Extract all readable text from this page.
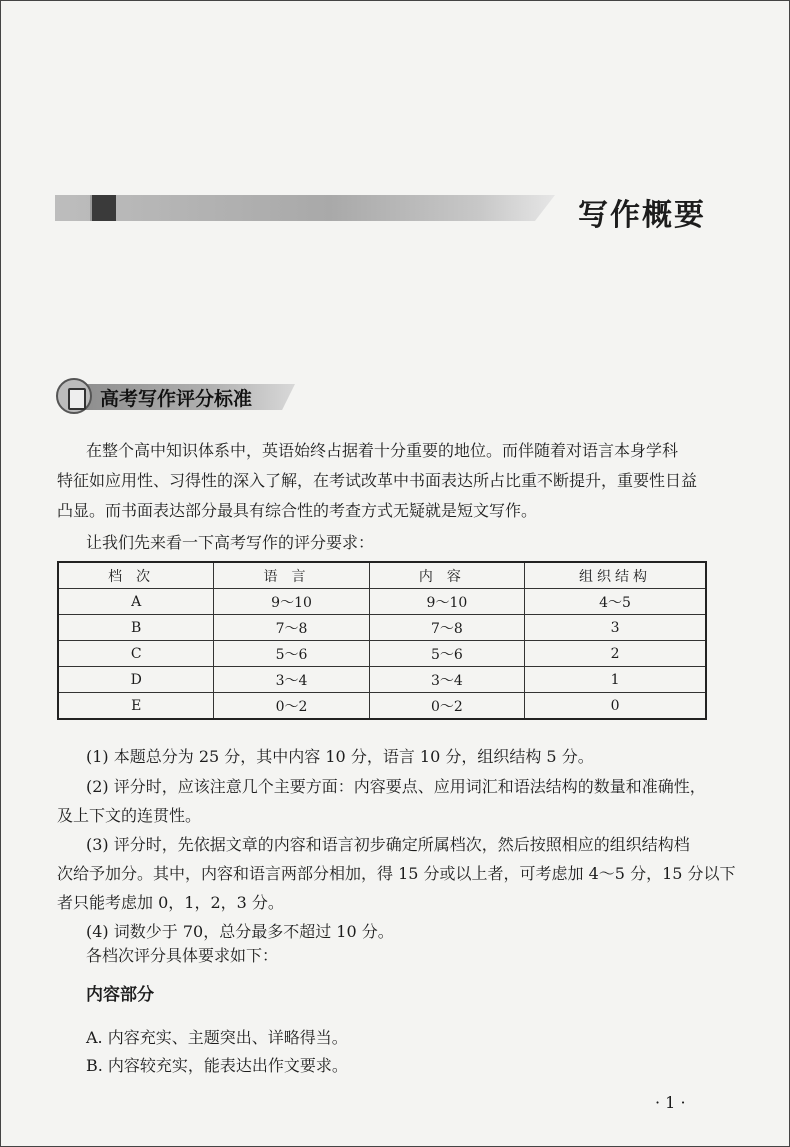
写作概要
高考写作评分标准
在整个高中知识体系中，英语始终占据着十分重要的地位。而伴随着对语言本身学科
特征如应用性、习得性的深入了解，在考试改革中书面表达所占比重不断提升，重要性日益
凸显。而书面表达部分最具有综合性的考查方式无疑就是短文写作。
让我们先来看一下高考写作的评分要求：
档次	语言	内容	组织结构
A	9～10	9～10	4～5
B	7～8	7～8	3
C	5～6	5～6	2
D	3～4	3～4	1
E	0～2	0～2	0
(1) 本题总分为 25 分，其中内容 10 分，语言 10 分，组织结构 5 分。
(2) 评分时，应该注意几个主要方面：内容要点、应用词汇和语法结构的数量和准确性，
及上下文的连贯性。
(3) 评分时，先依据文章的内容和语言初步确定所属档次，然后按照相应的组织结构档
次给予加分。其中，内容和语言两部分相加，得 15 分或以上者，可考虑加 4～5 分，15 分以下
者只能考虑加 0，1，2，3 分。
(4) 词数少于 70，总分最多不超过 10 分。
各档次评分具体要求如下：
内容部分
A. 内容充实、主题突出、详略得当。
B. 内容较充实，能表达出作文要求。
· 1 ·
